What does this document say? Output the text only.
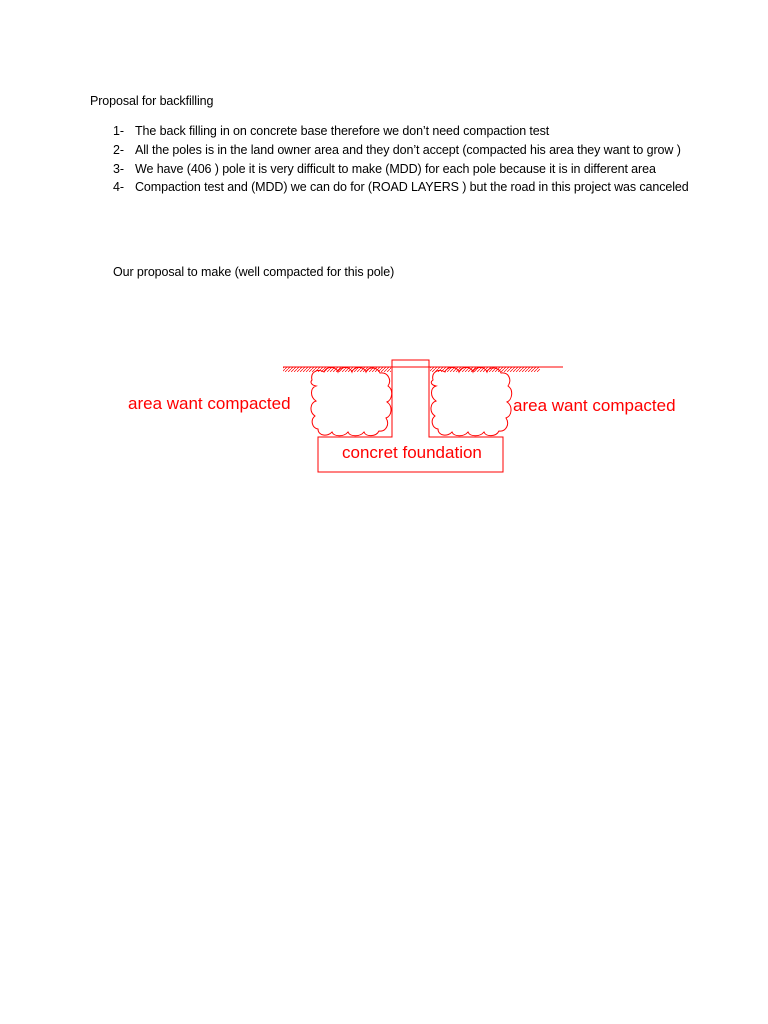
Proposal for backfilling
1- The back filling in on concrete base therefore we don’t need compaction test
2- All the poles is in the land owner area and they don’t accept (compacted his area they want to grow )
3- We have (406 ) pole it is very difficult to make (MDD) for each pole because it is in different area
4- Compaction test and (MDD) we can do for (ROAD LAYERS ) but the road in this project was canceled
Our proposal to make (well compacted for this pole)
area want compacted	area want compacted
concret foundation
